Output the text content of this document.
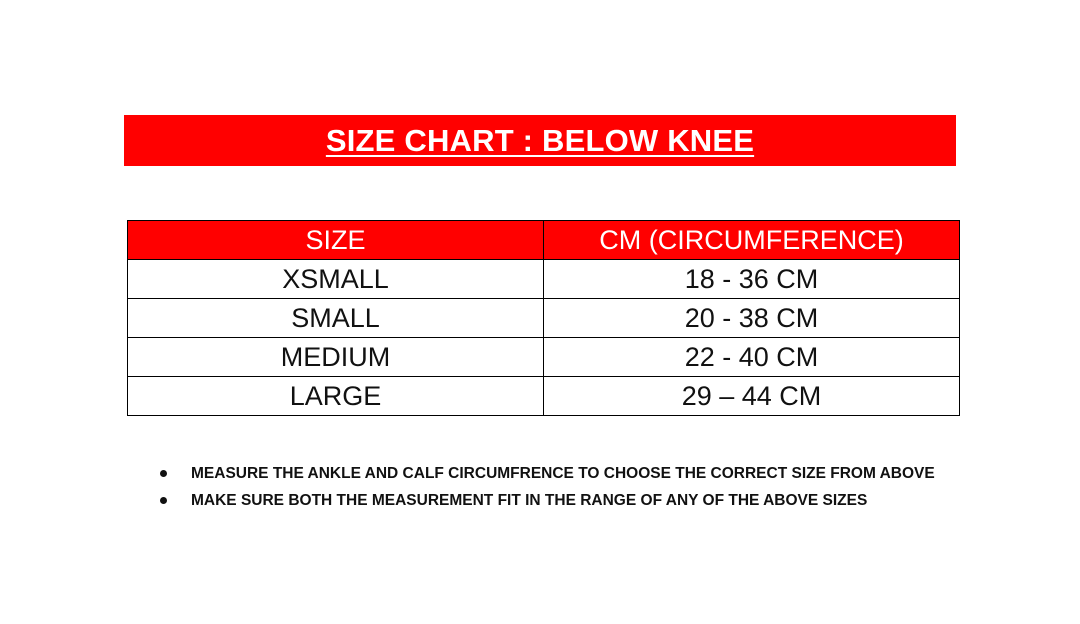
SIZE CHART : BELOW KNEE
SIZE	CM (CIRCUMFERENCE)
XSMALL	18 - 36 CM
SMALL	20 - 38 CM
MEDIUM	22 - 40 CM
LARGE	29 – 44 CM
MEASURE THE ANKLE AND CALF CIRCUMFRENCE TO CHOOSE THE CORRECT SIZE FROM ABOVE
MAKE SURE BOTH THE MEASUREMENT FIT IN THE RANGE OF ANY OF THE ABOVE SIZES
